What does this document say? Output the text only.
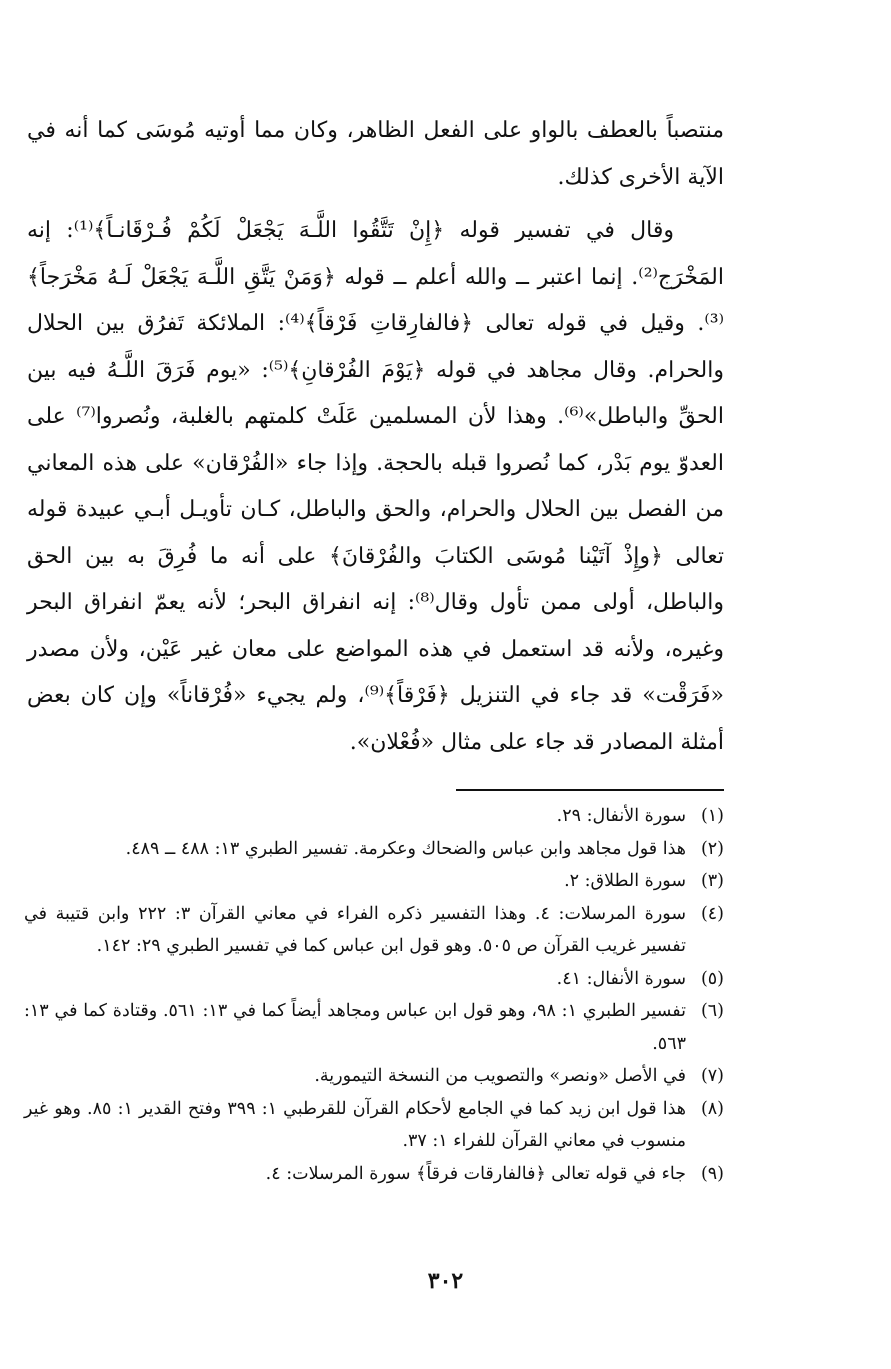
منتصباً بالعطف بالواو على الفعل الظاهر، وكان مما أوتيه مُوسَى كما أنه في الآية الأخرى كذلك.

وقال في تفسير قوله ﴿إِنْ تَتَّقُوا اللَّـهَ يَجْعَلْ لَكُمْ فُـرْقَانـاً﴾⁽¹⁾: إنه المَخْرَج⁽²⁾. إنما اعتبر ــ والله أعلم ــ قوله ﴿وَمَنْ يَتَّقِ اللَّـهَ يَجْعَلْ لَـهُ مَخْرَجاً﴾⁽³⁾. وقيل في قوله تعالى ﴿فالفارِقاتِ فَرْقاً﴾⁽⁴⁾: الملائكة تَفرُق بين الحلال والحرام. وقال مجاهد في قوله ﴿يَوْمَ الفُرْقانِ﴾⁽⁵⁾: «يوم فَرَقَ اللَّـهُ فيه بين الحقِّ والباطل»⁽⁶⁾. وهذا لأن المسلمين عَلَتْ كلمتهم بالغلبة، ونُصروا⁽⁷⁾ على العدوّ يوم بَدْر، كما نُصروا قبله بالحجة. وإذا جاء «الفُرْقان» على هذه المعاني من الفصل بين الحلال والحرام، والحق والباطل، كـان تأويـل أبـي عبيدة قوله تعالى ﴿وإِذْ آتَيْنا مُوسَى الكتابَ والفُرْقانَ﴾ على أنه ما فُرِقَ به بين الحق والباطل، أولى ممن تأول وقال⁽⁸⁾: إنه انفراق البحر؛ لأنه يعمّ انفراق البحر وغيره، ولأنه قد استعمل في هذه المواضع على معان غير عَيْن، ولأن مصدر «فَرَقْت» قد جاء في التنزيل ﴿فَرْقاً﴾⁽⁹⁾، ولم يجيء «فُرْقاناً» وإن كان بعض أمثلة المصادر قد جاء على مثال «فُعْلان».

(١)
سورة الأنفال: ٢٩.
(٢)
هذا قول مجاهد وابن عباس والضحاك وعكرمة. تفسير الطبري ١٣: ٤٨٨ ــ ٤٨٩.
(٣)
سورة الطلاق: ٢.
(٤)
سورة المرسلات: ٤. وهذا التفسير ذكره الفراء في معاني القرآن ٣: ٢٢٢ وابن قتيبة في تفسير غريب القرآن ص ٥٠٥. وهو قول ابن عباس كما في تفسير الطبري ٢٩: ١٤٢.
(٥)
سورة الأنفال: ٤١.
(٦)
تفسير الطبري ١: ٩٨، وهو قول ابن عباس ومجاهد أيضاً كما في ١٣: ٥٦١. وقتادة كما في ١٣: ٥٦٣.
(٧)
في الأصل «ونصر» والتصويب من النسخة التيمورية.
(٨)
هذا قول ابن زيد كما في الجامع لأحكام القرآن للقرطبي ١: ٣٩٩ وفتح القدير ١: ٨٥. وهو غير منسوب في معاني القرآن للفراء ١: ٣٧.
(٩)
جاء في قوله تعالى ﴿فالفارقات فرقاً﴾ سورة المرسلات: ٤.
٣٠٢
